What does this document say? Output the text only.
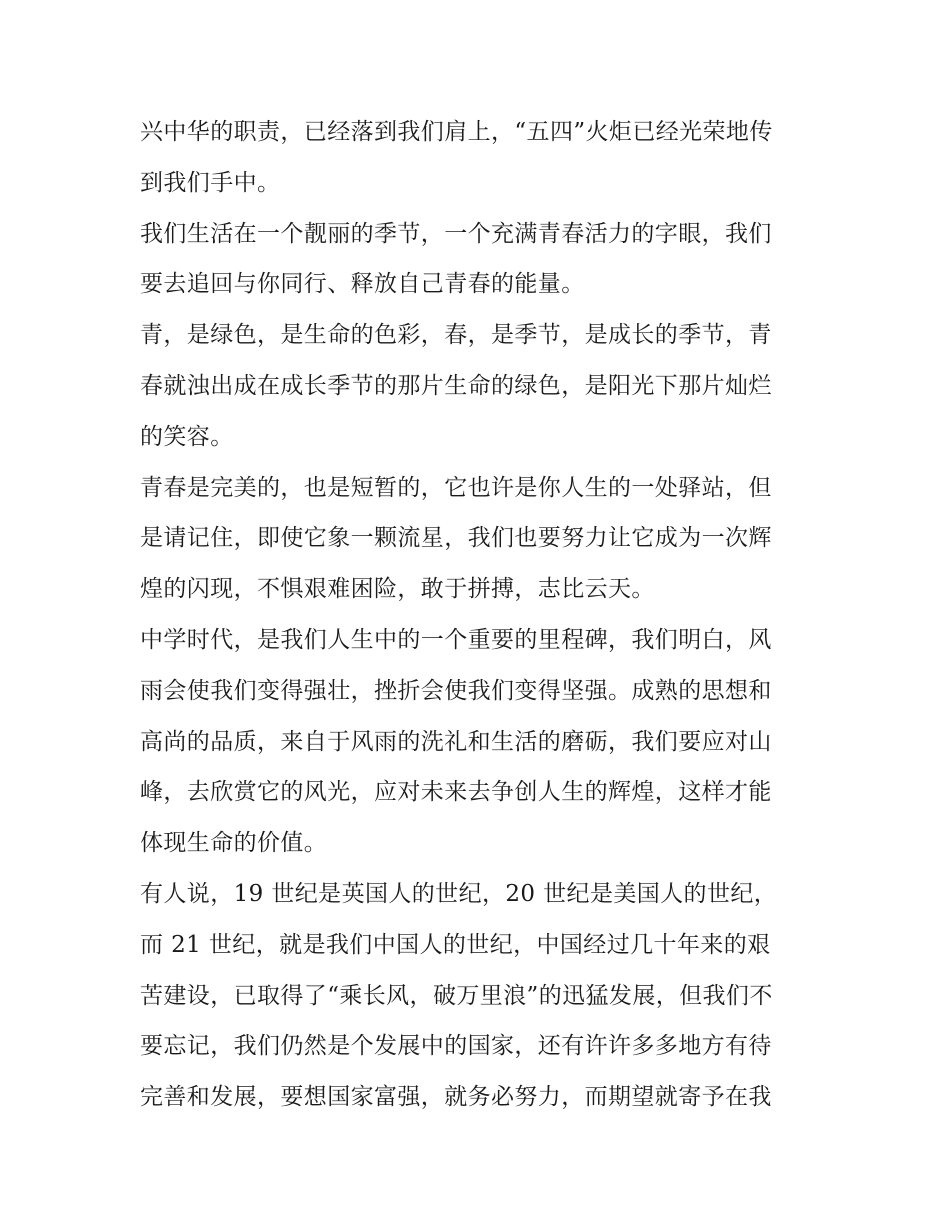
兴中华的职责，已经落到我们肩上，“五四”火炬已经光荣地传
到我们手中。
我们生活在一个靓丽的季节，一个充满青春活力的字眼，我们
要去追回与你同行、释放自己青春的能量。
青，是绿色，是生命的色彩，春，是季节，是成长的季节，青
春就浊出成在成长季节的那片生命的绿色，是阳光下那片灿烂
的笑容。
青春是完美的，也是短暂的，它也许是你人生的一处驿站，但
是请记住，即使它象一颗流星，我们也要努力让它成为一次辉
煌的闪现，不惧艰难困险，敢于拼搏，志比云天。
中学时代，是我们人生中的一个重要的里程碑，我们明白，风
雨会使我们变得强壮，挫折会使我们变得坚强。成熟的思想和
高尚的品质，来自于风雨的洗礼和生活的磨砺，我们要应对山
峰，去欣赏它的风光，应对未来去争创人生的辉煌，这样才能
体现生命的价值。
有人说，19 世纪是英国人的世纪，20 世纪是美国人的世纪，
而 21 世纪，就是我们中国人的世纪，中国经过几十年来的艰
苦建设，已取得了“乘长风，破万里浪”的迅猛发展，但我们不
要忘记，我们仍然是个发展中的国家，还有许许多多地方有待
完善和发展，要想国家富强，就务必努力，而期望就寄予在我
